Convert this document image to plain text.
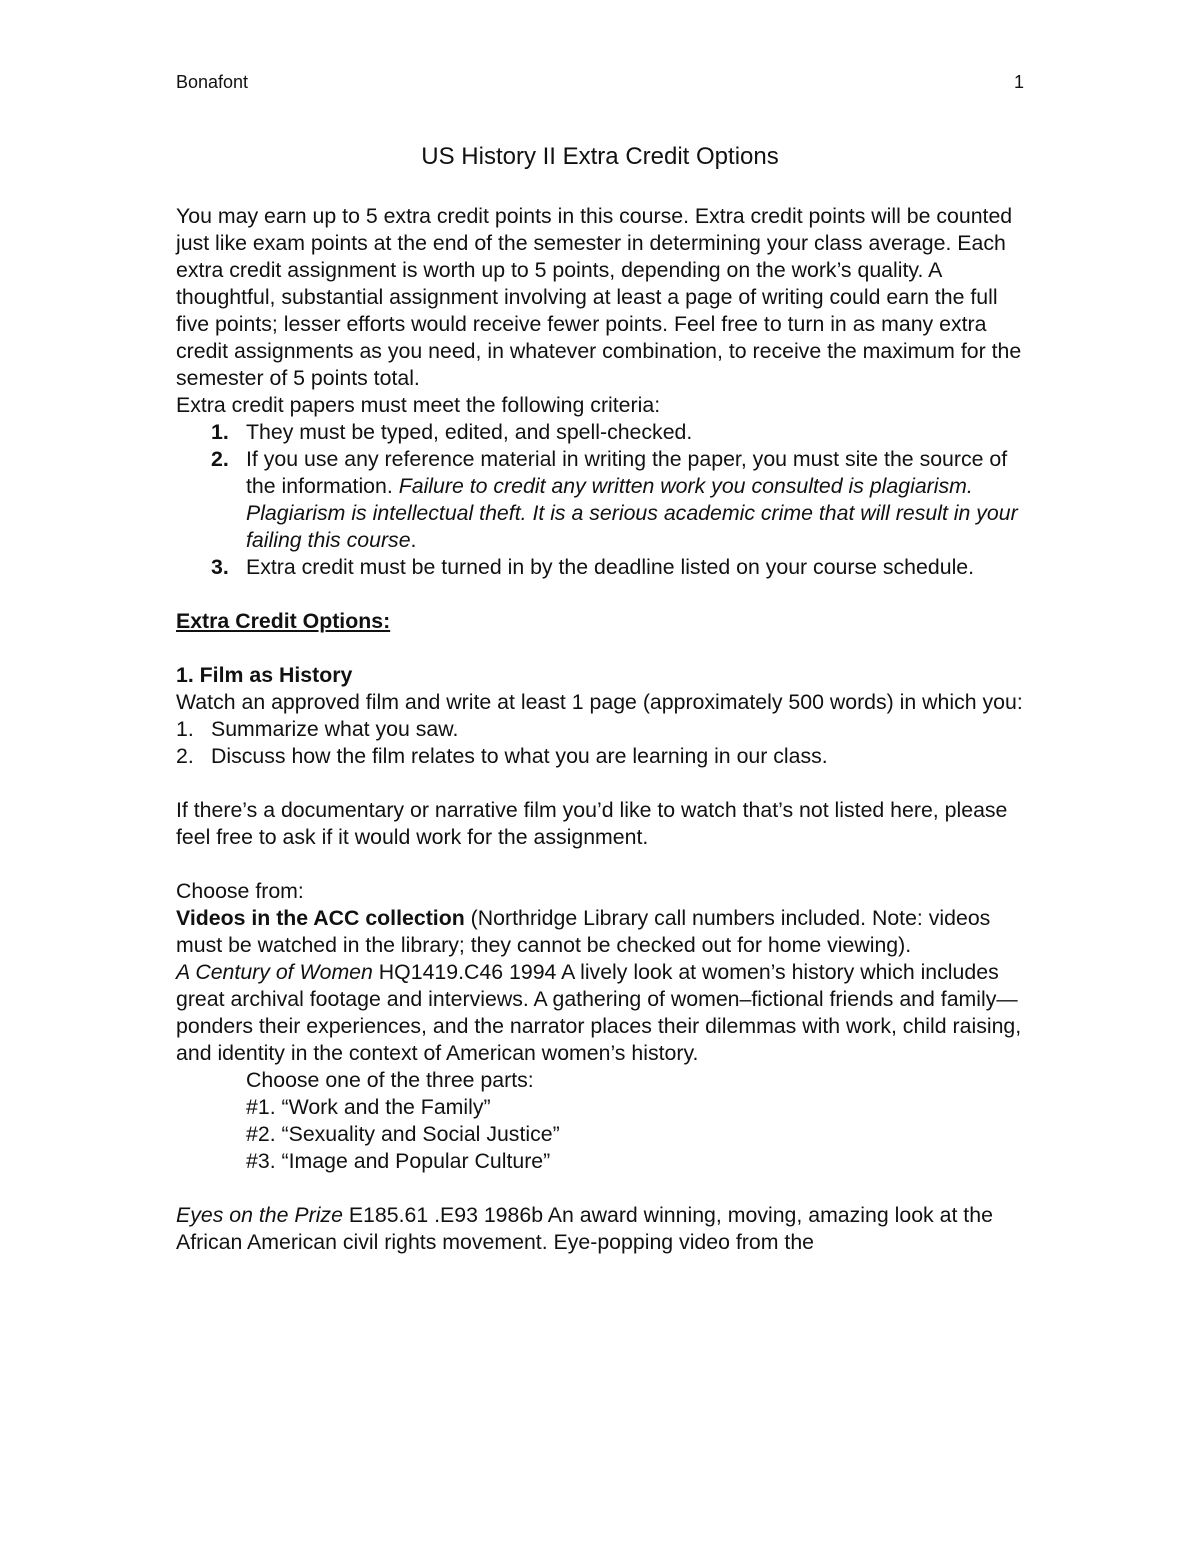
Bonafont	1
US History II Extra Credit Options

You may earn up to 5 extra credit points in this course. Extra credit points will be counted just like exam points at the end of the semester in determining your class average. Each extra credit assignment is worth up to 5 points, depending on the work’s quality. A thoughtful, substantial assignment involving at least a page of writing could earn the full five points; lesser efforts would receive fewer points. Feel free to turn in as many extra credit assignments as you need, in whatever combination, to receive the maximum for the semester of 5 points total.

Extra credit papers must meet the following criteria:

1. They must be typed, edited, and spell-checked.
2. If you use any reference material in writing the paper, you must site the source of the information. Failure to credit any written work you consulted is plagiarism. Plagiarism is intellectual theft. It is a serious academic crime that will result in your failing this course.
3. Extra credit must be turned in by the deadline listed on your course schedule.

Extra Credit Options:

1. Film as History

Watch an approved film and write at least 1 page (approximately 500 words) in which you:

1. Summarize what you saw.
2. Discuss how the film relates to what you are learning in our class.

If there’s a documentary or narrative film you’d like to watch that’s not listed here, please feel free to ask if it would work for the assignment.

Choose from:

Videos in the ACC collection (Northridge Library call numbers included. Note: videos must be watched in the library; they cannot be checked out for home viewing).

A Century of Women HQ1419.C46 1994 A lively look at women’s history which includes great archival footage and interviews. A gathering of women–fictional friends and family—ponders their experiences, and the narrator places their dilemmas with work, child raising, and identity in the context of American women’s history.

Choose one of the three parts:

#1. “Work and the Family”

#2. “Sexuality and Social Justice”

#3. “Image and Popular Culture”

Eyes on the Prize E185.61 .E93 1986b An award winning, moving, amazing look at the African American civil rights movement. Eye-popping video from the
